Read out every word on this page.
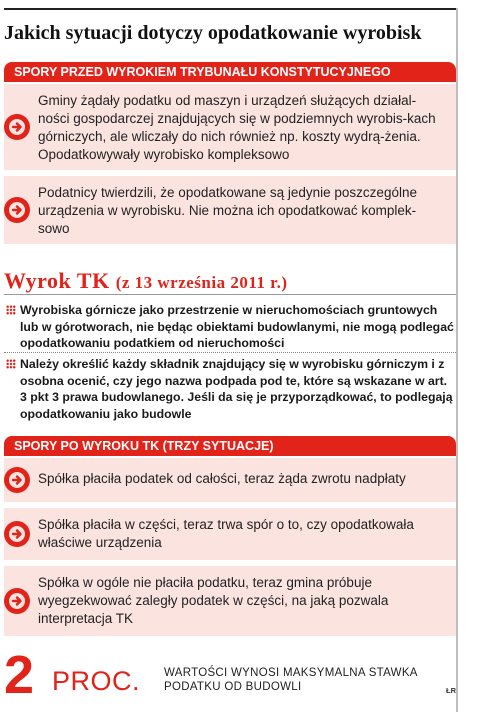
Jakich sytuacji dotyczy opodatkowanie wyrobisk
SPORY PRZED WYROKIEM TRYBUNAŁU KONSTYTUCYJNEGO
Gminy żądały podatku od maszyn i urządzeń służących działal-ności gospodarczej znajdujących się w podziemnych wyrobis-kach górniczych, ale wliczały do nich również np. koszty wydrą-żenia. Opodatkowywały wyrobisko kompleksowo
Podatnicy twierdzili, że opodatkowane są jedynie poszczególne urządzenia w wyrobisku. Nie można ich opodatkować komplek-sowo
Wyrok TK (z 13 września 2011 r.)
Wyrobiska górnicze jako przestrzenie w nieruchomościach gruntowych lub w górotworach, nie będąc obiektami budowlanymi, nie mogą podlegać opodatkowaniu podatkiem od nieruchomości
Należy określić każdy składnik znajdujący się w wyrobisku górniczym i z osobna ocenić, czy jego nazwa podpada pod te, które są wskazane w art. 3 pkt 3 prawa budowlanego. Jeśli da się je przyporządkować, to podlegają opodatkowaniu jako budowle
SPORY PO WYROKU TK (TRZY SYTUACJE)
Spółka płaciła podatek od całości, teraz żąda zwrotu nadpłaty
Spółka płaciła w części, teraz trwa spór o to, czy opodatkowała właściwe urządzenia
Spółka w ogóle nie płaciła podatku, teraz gmina próbuje wyegzekwować zaległy podatek w części, na jaką pozwala interpretacja TK
2 PROC. WARTOŚCI WYNOSI MAKSYMALNA STAWKA PODATKU OD BUDOWLI	ŁR
